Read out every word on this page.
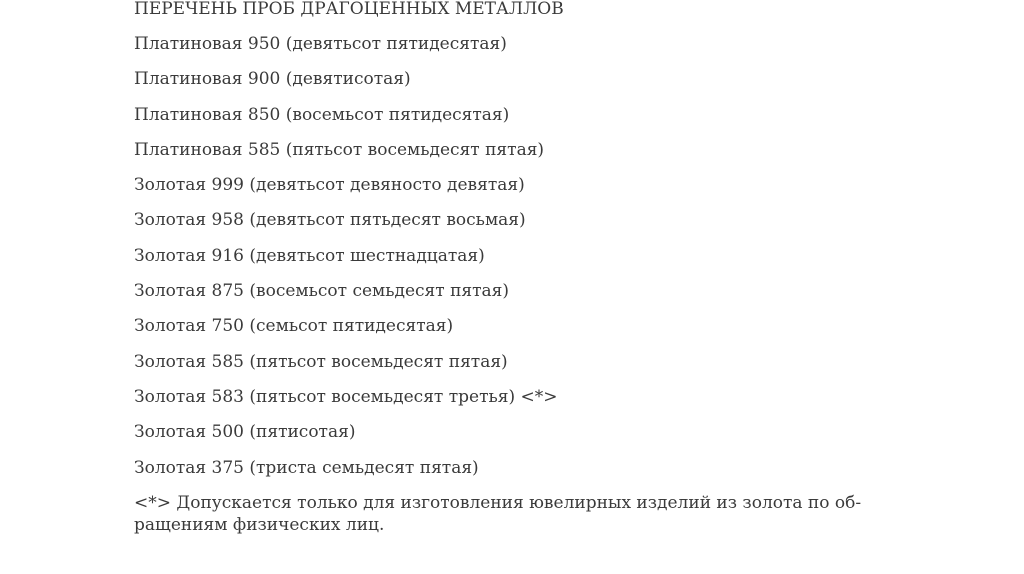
ПЕРЕЧЕНЬ ПРОБ ДРАГОЦЕННЫХ МЕТАЛЛОВ
Платиновая 950 (девятьсот пятидесятая)
Платиновая 900 (девятисотая)
Платиновая 850 (восемьсот пятидесятая)
Платиновая 585 (пятьсот восемьдесят пятая)
Золотая 999 (девятьсот девяносто девятая)
Золотая 958 (девятьсот пятьдесят восьмая)
Золотая 916 (девятьсот шестнадцатая)
Золотая 875 (восемьсот семьдесят пятая)
Золотая 750 (семьсот пятидесятая)
Золотая 585 (пятьсот восемьдесят пятая)
Золотая 583 (пятьсот восемьдесят третья) <*>
Золотая 500 (пятисотая)
Золотая 375 (триста семьдесят пятая)
<*> Допускается только для изготовления ювелирных изделий из золота по об-
ращениям физических лиц.
